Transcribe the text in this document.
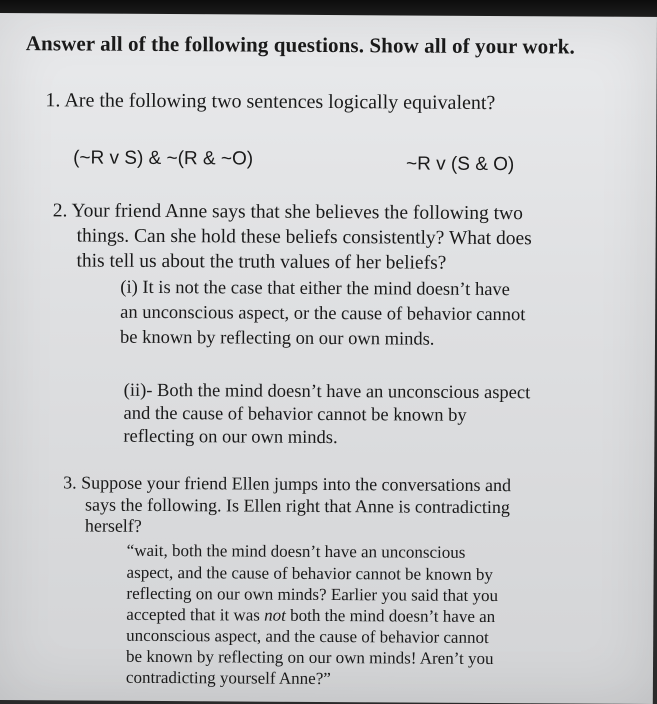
Answer all of the following questions. Show all of your work.
1. Are the following two sentences logically equivalent?
(~R v S) & ~(R & ~O)	~R v (S & O)
2. Your friend Anne says that she believes the following two
things. Can she hold these beliefs consistently? What does
this tell us about the truth values of her beliefs?
(i) It is not the case that either the mind doesn’t have
an unconscious aspect, or the cause of behavior cannot
be known by reflecting on our own minds.
(ii)- Both the mind doesn’t have an unconscious aspect
and the cause of behavior cannot be known by
reflecting on our own minds.
3. Suppose your friend Ellen jumps into the conversations and
says the following. Is Ellen right that Anne is contradicting
herself?
“wait, both the mind doesn’t have an unconscious
aspect, and the cause of behavior cannot be known by
reflecting on our own minds? Earlier you said that you
accepted that it was not both the mind doesn’t have an
unconscious aspect, and the cause of behavior cannot
be known by reflecting on our own minds! Aren’t you
contradicting yourself Anne?”
